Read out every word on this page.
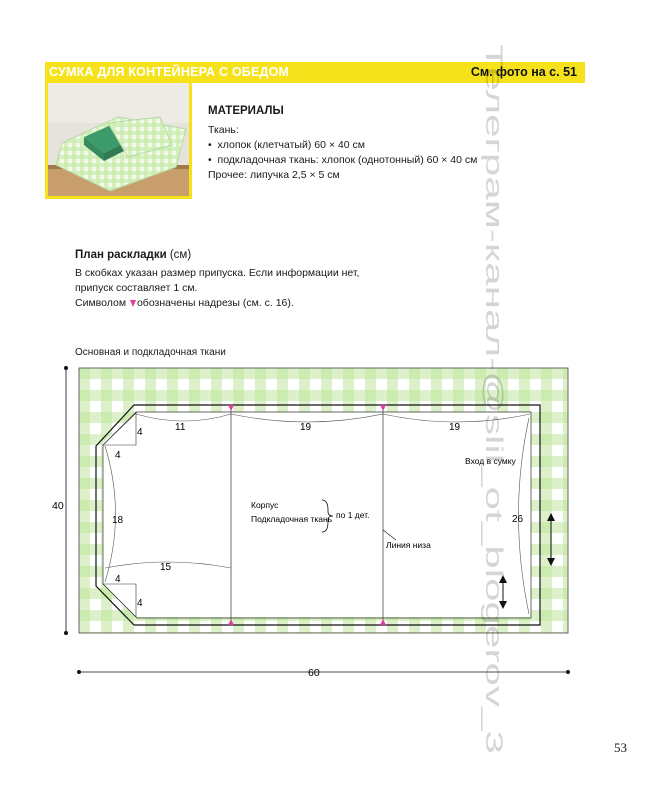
СУМКА ДЛЯ КОНТЕЙНЕРА С ОБЕДОМ	См. фото на с. 51
МАТЕРИАЛЫ
Ткань:
•  хлопок (клетчатый) 60 × 40 см
•  подкладочная ткань: хлопок (однотонный) 60 × 40 см
Прочее: липучка 2,5 × 5 см
План раскладки (см)
В скобках указан размер припуска. Если информации нет,
припуск составляет 1 см.
Символом обозначены надрезы (см. с. 16).
Основная и подкладочная ткани
40
60
4
4
4
4
11	19	19
18
15
26
Корпус
Подкладочная ткань по 1 дет.
Линия низа
Вход в сумку
Телеграм-канал-@slil_ot_blogerov_3
53
